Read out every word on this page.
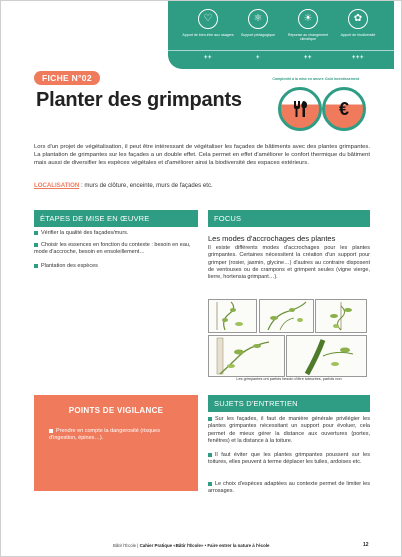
♡
Apport de bien-être aux usagers
⚛
Support pédagogique
☀
Réponse au changement climatique
✿
Apport de biodiversité
++	+	++	+++
FICHE N°02
Planter des grimpants
Complexité à la mise en œuvre Coût investissement
€
Lors d'un projet de végétalisation, il peut être intéressant de végétaliser les façades de bâtiments avec des plantes grimpantes. La plantation de grimpantes sur les façades a un double effet. Cela permet en effet d'améliorer le confort thermique du bâtiment mais aussi de diversifier les espèces végétales et d'améliorer ainsi la biodiversité des espaces extérieurs.
LOCALISATION : murs de clôture, enceinte, murs de façades etc.
ÉTAPES DE MISE EN ŒUVRE
Vérifier la qualité des façades/murs.
Choisir les essences en fonction du contexte : besoin en eau, mode d'accroche, besoin en ensoleillement…
Plantation des espèces
POINTS DE VIGILANCE
Prendre en compte la dangerosité (risques d'ingestion, épines…).
FOCUS
Les modes d'accrochages des plantes
Il existe différents modes d'accrochages pour les plantes grimpantes. Certaines nécessitent la création d'un support pour grimper (rosier, jasmin, glycine…) d'autres au contraire disposent de ventouses ou de crampons et grimpent seules (vigne vierge, lierre, hortensia grimpant…).
Les grimpantes ont parfois besoin d'être tuteurées, parfois non
SUJETS D'ENTRETIEN
Sur les façades, il faut de manière générale privilégier les plantes grimpantes nécessitant un support pour évoluer, cela permet de mieux gérer la distance aux ouvertures (portes, fenêtres) et la distance à la toiture.
Il faut éviter que les plantes grimpantes poussent sur les toitures, elles peuvent à terme déplacer les tuiles, ardoises etc.
Le choix d'espèces adaptées au contexte permet de limiter les arrosages.
Bâtir l'École | Cahier Pratique «Bâtir l'École» • Faire entrer la nature à l'école	12
